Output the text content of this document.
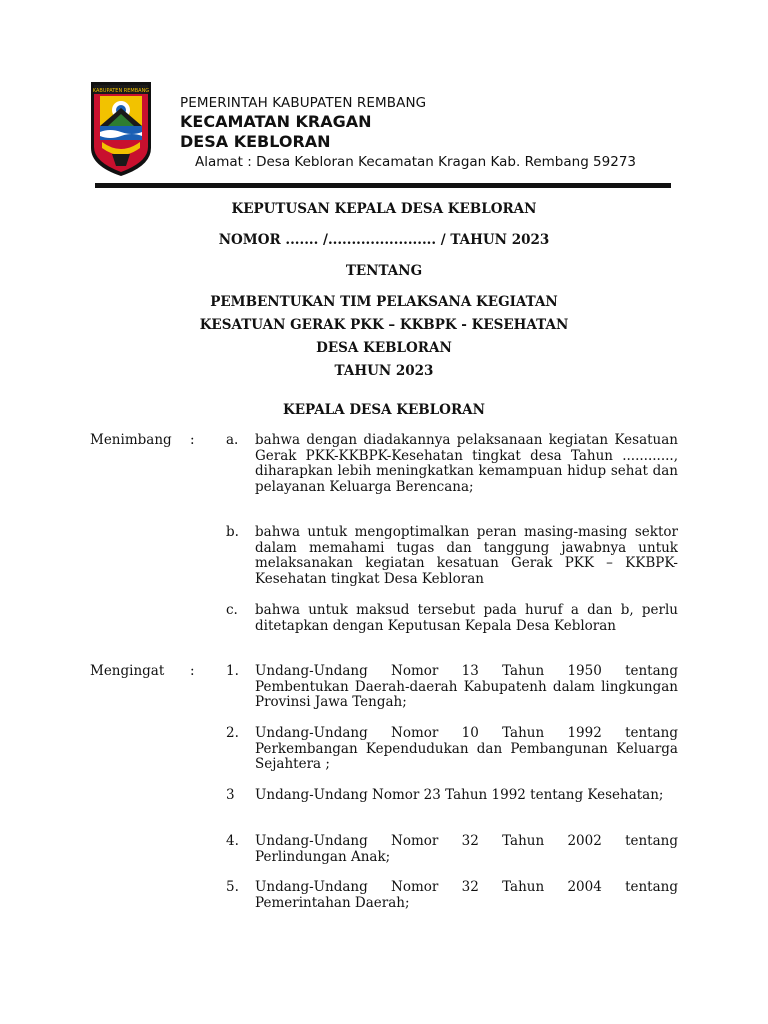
KABUPATEN REMBANG
PEMERINTAH KABUPATEN REMBANG
KECAMATAN KRAGAN
DESA KEBLORAN
Alamat : Desa Kebloran Kecamatan Kragan Kab. Rembang 59273
KEPUTUSAN KEPALA DESA KEBLORAN
NOMOR ....... /....................... / TAHUN 2023
TENTANG
PEMBENTUKAN TIM PELAKSANA KEGIATAN
KESATUAN GERAK PKK – KKBPK - KESEHATAN
DESA KEBLORAN
TAHUN 2023
KEPALA DESA KEBLORAN
Menimbang : a. bahwa dengan diadakannya pelaksanaan kegiatan Kesatuan Gerak PKK-KKBPK-Kesehatan tingkat desa Tahun ............, diharapkan lebih meningkatkan kemampuan hidup sehat dan pelayanan Keluarga Berencana;
b. bahwa untuk mengoptimalkan peran masing-masing sektor dalam memahami tugas dan tanggung jawabnya untuk melaksanakan kegiatan kesatuan Gerak PKK – KKBPK- Kesehatan tingkat Desa Kebloran
c. bahwa untuk maksud tersebut pada huruf a dan b, perlu ditetapkan dengan Keputusan Kepala Desa Kebloran
Mengingat : 1. Undang-Undang Nomor 13 Tahun 1950 tentang Pembentukan Daerah-daerah Kabupatenh dalam lingkungan Provinsi Jawa Tengah;
2. Undang-Undang Nomor 10 Tahun 1992 tentang Perkembangan Kependudukan dan Pembangunan Keluarga Sejahtera ;
3 Undang-Undang Nomor 23 Tahun 1992 tentang Kesehatan;
4. Undang-Undang Nomor 32 Tahun 2002 tentang Perlindungan Anak;
5. Undang-Undang Nomor 32 Tahun 2004 tentang Pemerintahan Daerah;
